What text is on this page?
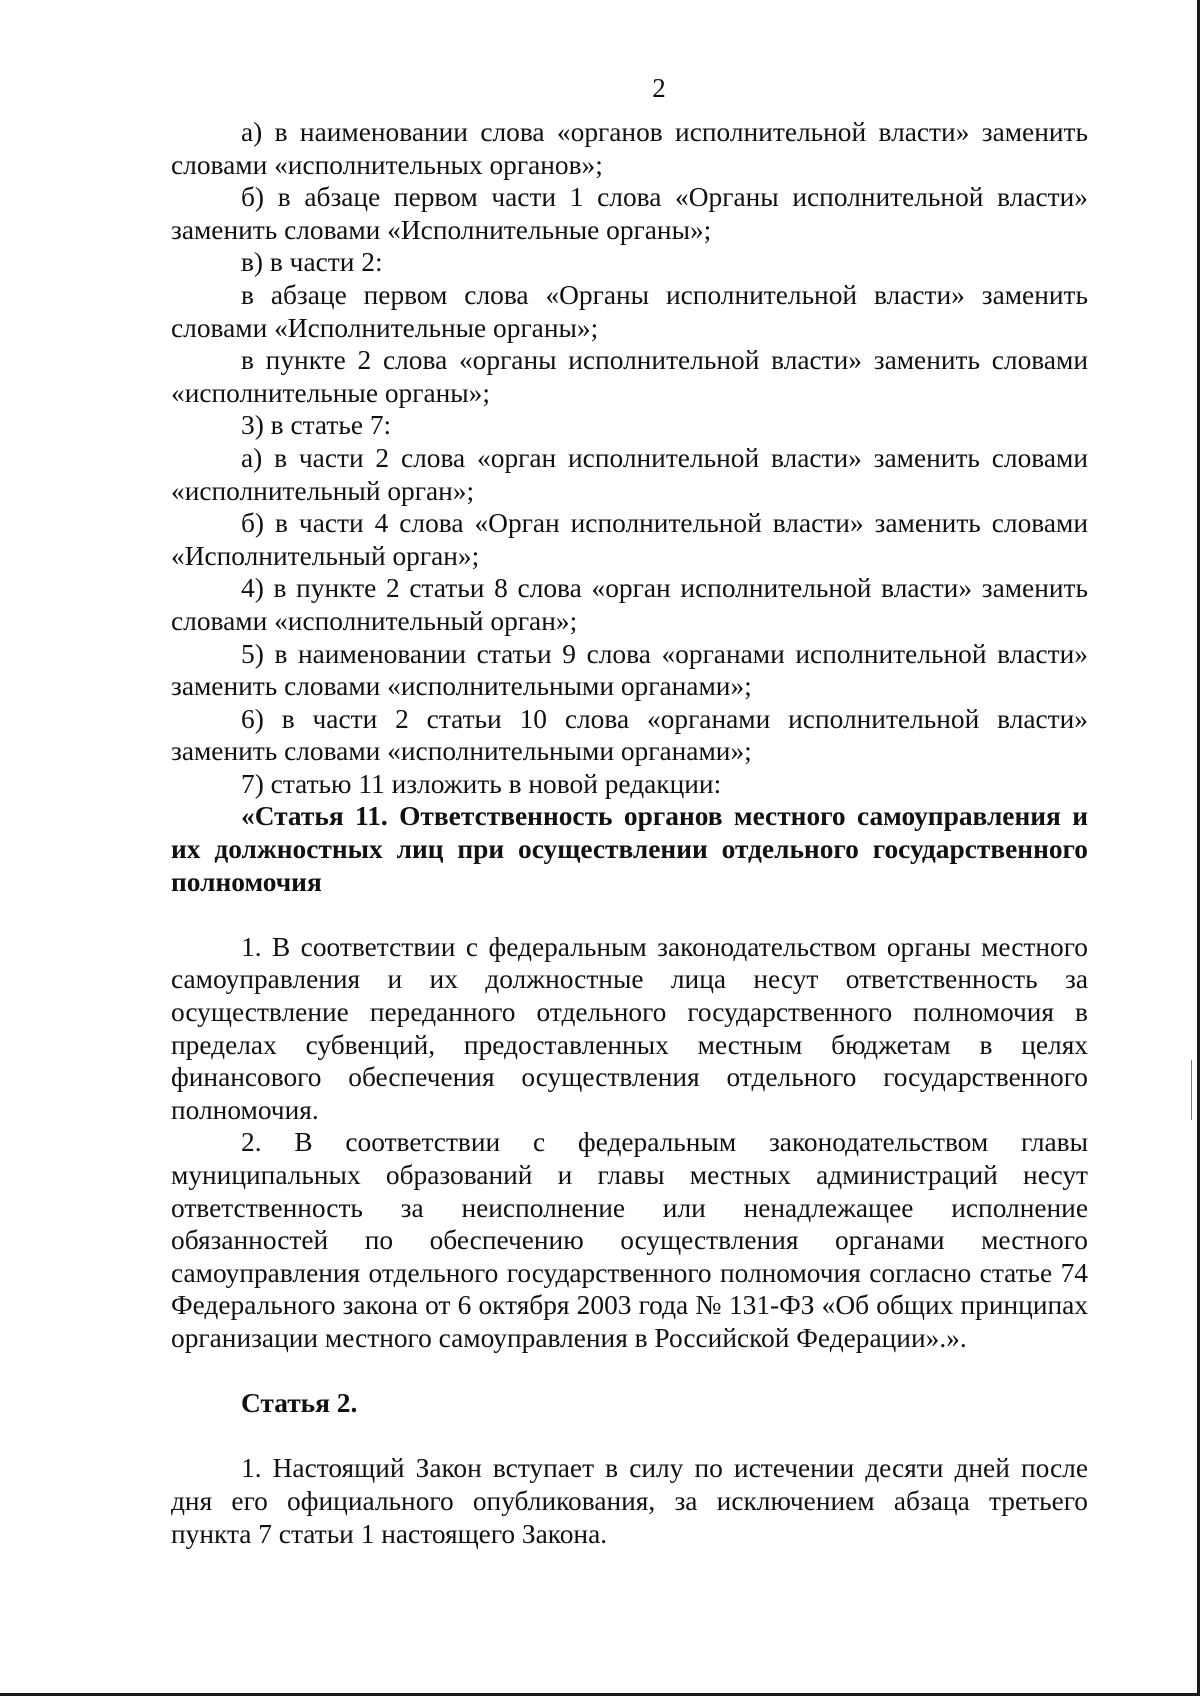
2

а) в наименовании слова «органов исполнительной власти» заменить словами «исполнительных органов»;

б) в абзаце первом части 1 слова «Органы исполнительной власти» заменить словами «Исполнительные органы»;

в) в части 2:

в абзаце первом слова «Органы исполнительной власти» заменить словами «Исполнительные органы»;

в пункте 2 слова «органы исполнительной власти» заменить словами «исполнительные органы»;

3) в статье 7:

а) в части 2 слова «орган исполнительной власти» заменить словами «исполнительный орган»;

б) в части 4 слова «Орган исполнительной власти» заменить словами «Исполнительный орган»;

4) в пункте 2 статьи 8 слова «орган исполнительной власти» заменить словами «исполнительный орган»;

5) в наименовании статьи 9 слова «органами исполнительной власти» заменить словами «исполнительными органами»;

6) в части 2 статьи 10 слова «органами исполнительной власти» заменить словами «исполнительными органами»;

7) статью 11 изложить в новой редакции:

«Статья 11. Ответственность органов местного самоуправления и их должностных лиц при осуществлении отдельного государственного полномочия

1. В соответствии с федеральным законодательством органы местного самоуправления и их должностные лица несут ответственность за осуществление переданного отдельного государственного полномочия в пределах субвенций, предоставленных местным бюджетам в целях финансового обеспечения осуществления отдельного государственного полномочия.

2. В соответствии с федеральным законодательством главы муниципальных образований и главы местных администраций несут ответственность за неисполнение или ненадлежащее исполнение обязанностей по обеспечению осуществления органами местного самоуправления отдельного государственного полномочия согласно статье 74 Федерального закона от 6 октября 2003 года № 131-ФЗ «Об общих принципах организации местного самоуправления в Российской Федерации».».

Статья 2.

1. Настоящий Закон вступает в силу по истечении десяти дней после дня его официального опубликования, за исключением абзаца третьего пункта 7 статьи 1 настоящего Закона.
